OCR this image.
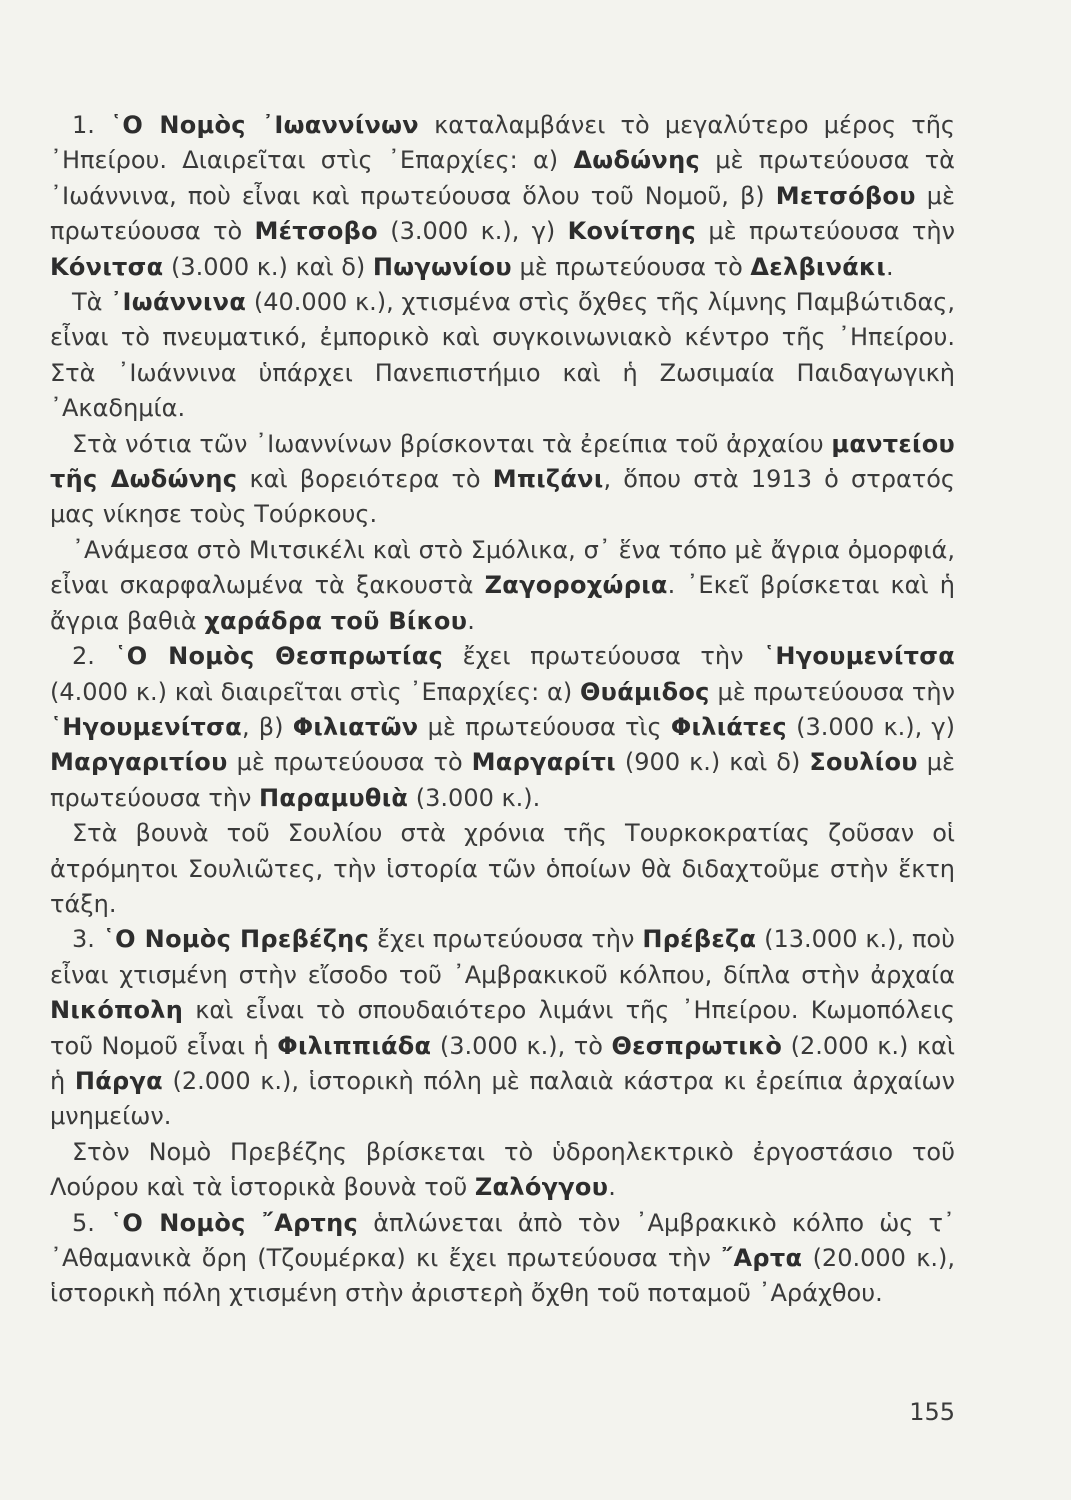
1. ῾Ο Νομὸς ᾿Ιωαννίνων καταλαμβάνει τὸ μεγαλύτερο μέρος τῆς ᾿Ηπείρου. Διαιρεῖται στὶς ᾿Επαρχίες: α) Δωδώνης μὲ πρωτεύουσα τὰ ᾿Ιωάννινα, ποὺ εἶναι καὶ πρωτεύουσα ὅλου τοῦ Νομοῦ, β) Μετσόβου μὲ πρωτεύουσα τὸ Μέτσοβο (3.000 κ.), γ) Κονίτσης μὲ πρωτεύουσα τὴν Κόνιτσα (3.000 κ.) καὶ δ) Πωγωνίου μὲ πρωτεύουσα τὸ Δελβινάκι.

Τὰ ᾿Ιωάννινα (40.000 κ.), χτισμένα στὶς ὄχθες τῆς λίμνης Παμβώτιδας, εἶναι τὸ πνευματικό, ἐμπορικὸ καὶ συγκοινωνιακὸ κέντρο τῆς ᾿Ηπείρου. Στὰ ᾿Ιωάννινα ὑπάρχει Πανεπιστήμιο καὶ ἡ Ζωσιμαία Παιδαγωγικὴ ᾿Ακαδημία.

Στὰ νότια τῶν ᾿Ιωαννίνων βρίσκονται τὰ ἐρείπια τοῦ ἀρχαίου μαντείου τῆς Δωδώνης καὶ βορειότερα τὸ Μπιζάνι, ὅπου στὰ 1913 ὁ στρατός μας νίκησε τοὺς Τούρκους.

᾿Ανάμεσα στὸ Μιτσικέλι καὶ στὸ Σμόλικα, σ᾿ ἕνα τόπο μὲ ἄγρια ὀμορφιά, εἶναι σκαρφαλωμένα τὰ ξακουστὰ Ζαγοροχώρια. ᾿Εκεῖ βρίσκεται καὶ ἡ ἄγρια βαθιὰ χαράδρα τοῦ Βίκου.

2. ῾Ο Νομὸς Θεσπρωτίας ἔχει πρωτεύουσα τὴν ῾Ηγουμενίτσα (4.000 κ.) καὶ διαιρεῖται στὶς ᾿Επαρχίες: α) Θυάμιδος μὲ πρωτεύουσα τὴν ῾Ηγουμενίτσα, β) Φιλιατῶν μὲ πρωτεύουσα τὶς Φιλιάτες (3.000 κ.), γ) Μαργαριτίου μὲ πρωτεύουσα τὸ Μαργαρίτι (900 κ.) καὶ δ) Σουλίου μὲ πρωτεύουσα τὴν Παραμυθιὰ (3.000 κ.).

Στὰ βουνὰ τοῦ Σουλίου στὰ χρόνια τῆς Τουρκοκρατίας ζοῦσαν οἱ ἀτρόμητοι Σουλιῶτες, τὴν ἱστορία τῶν ὁποίων θὰ διδαχτοῦμε στὴν ἕκτη τάξη.

3. ῾Ο Νομὸς Πρεβέζης ἔχει πρωτεύουσα τὴν Πρέβεζα (13.000 κ.), ποὺ εἶναι χτισμένη στὴν εἴσοδο τοῦ ᾿Αμβρακικοῦ κόλπου, δίπλα στὴν ἀρχαία Νικόπολη καὶ εἶναι τὸ σπουδαιότερο λιμάνι τῆς ᾿Ηπείρου. Κωμοπόλεις τοῦ Νομοῦ εἶναι ἡ Φιλιππιάδα (3.000 κ.), τὸ Θεσπρωτικὸ (2.000 κ.) καὶ ἡ Πάργα (2.000 κ.), ἱστορικὴ πόλη μὲ παλαιὰ κάστρα κι ἐρείπια ἀρχαίων μνημείων.

Στὸν Νομὸ Πρεβέζης βρίσκεται τὸ ὑδροηλεκτρικὸ ἐργοστάσιο τοῦ Λούρου καὶ τὰ ἱστορικὰ βουνὰ τοῦ Ζαλόγγου.

5. ῾Ο Νομὸς ῎Αρτης ἁπλώνεται ἀπὸ τὸν ᾿Αμβρακικὸ κόλπο ὡς τ᾿ ᾿Αθαμανικὰ ὄρη (Τζουμέρκα) κι ἔχει πρωτεύουσα τὴν ῎Αρτα (20.000 κ.), ἱστορικὴ πόλη χτισμένη στὴν ἀριστερὴ ὄχθη τοῦ ποταμοῦ ᾿Αράχθου.

155
